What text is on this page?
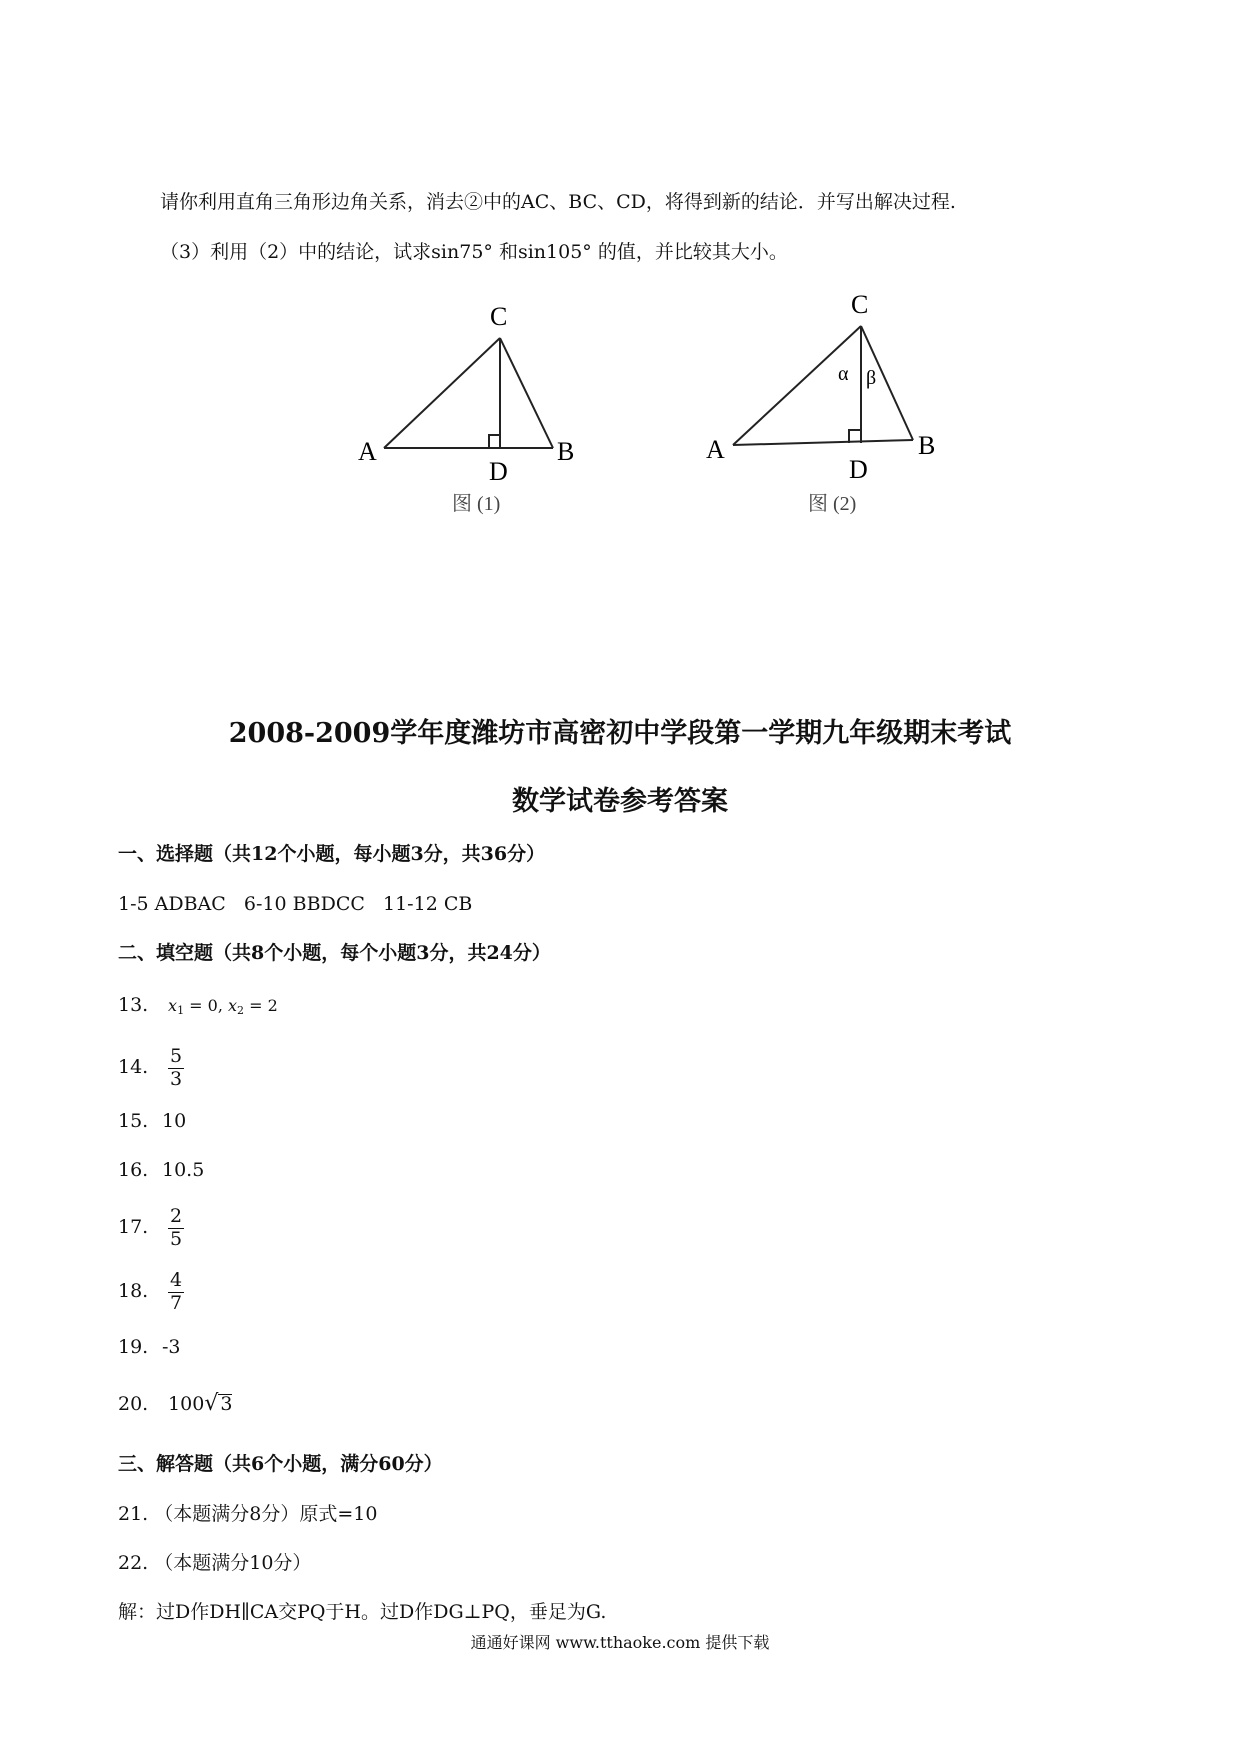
请你利用直角三角形边角关系，消去②中的AC、BC、CD，将得到新的结论．并写出解决过程.
（3）利用（2）中的结论，试求sin75° 和sin105° 的值，并比较其大小。
C
A	B
D
图 (1)
C
α β
A	B
D
图 (2)
2008-2009学年度潍坊市高密初中学段第一学期九年级期末考试
数学试卷参考答案
一、选择题（共12个小题，每小题3分，共36分）
1-5 ADBAC   6-10 BBDCC   11-12 CB
二、填空题（共8个小题，每个小题3分，共24分）
13. $x_1 = 0$, $x_2 = 2$
14. $\frac{5}{3}$
15. 10
16. 10.5
17. $\frac{2}{5}$
18. $\frac{4}{7}$
19. -3
20. 100√ 3
三、解答题（共6个小题，满分60分）
21. （本题满分8分）原式=10
22. （本题满分10分）
解：过D作DH∥CA交PQ于H。过D作DG⊥PQ，垂足为G.
通通好课网 www.tthaoke.com 提供下载
